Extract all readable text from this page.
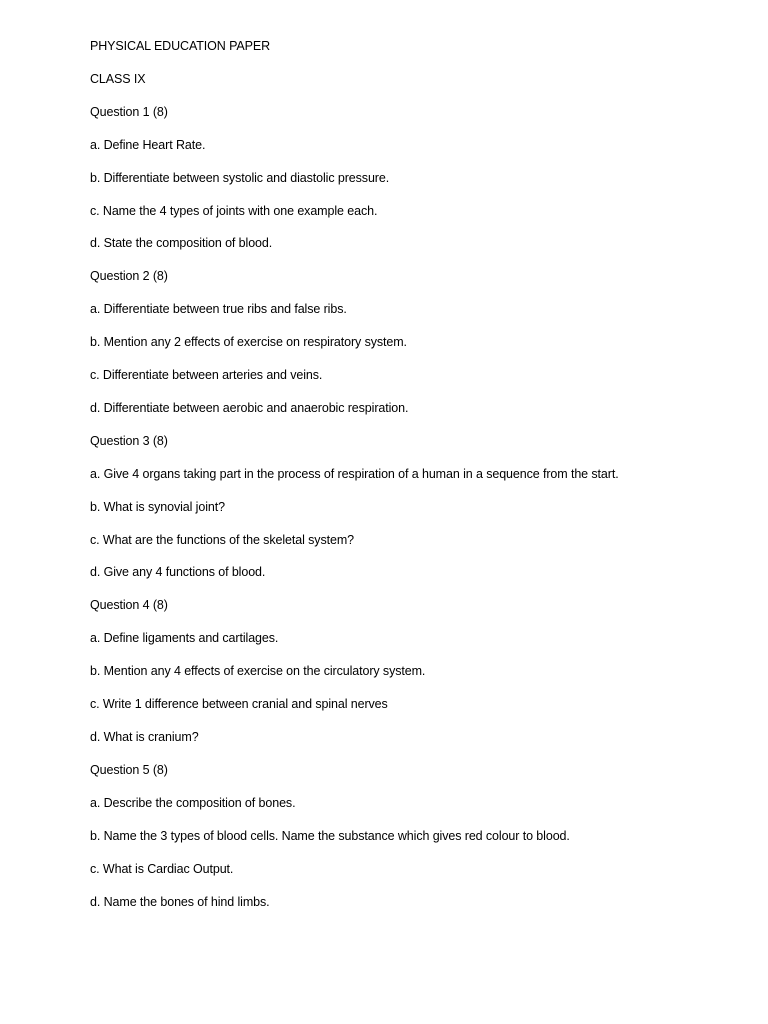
PHYSICAL EDUCATION PAPER
CLASS IX
Question 1 (8)
a. Define Heart Rate.
b. Differentiate between systolic and diastolic pressure.
c. Name the 4 types of joints with one example each.
d. State the composition of blood.
Question 2 (8)
a. Differentiate between true ribs and false ribs.
b. Mention any 2 effects of exercise on respiratory system.
c. Differentiate between arteries and veins.
d. Differentiate between aerobic and anaerobic respiration.
Question 3 (8)
a. Give 4 organs taking part in the process of respiration of a human in a sequence from the start.
b. What is synovial joint?
c. What are the functions of the skeletal system?
d. Give any 4 functions of blood.
Question 4 (8)
a. Define ligaments and cartilages.
b. Mention any 4 effects of exercise on the circulatory system.
c. Write 1 difference between cranial and spinal nerves
d. What is cranium?
Question 5 (8)
a. Describe the composition of bones.
b. Name the 3 types of blood cells. Name the substance which gives red colour to blood.
c. What is Cardiac Output.
d. Name the bones of hind limbs.
